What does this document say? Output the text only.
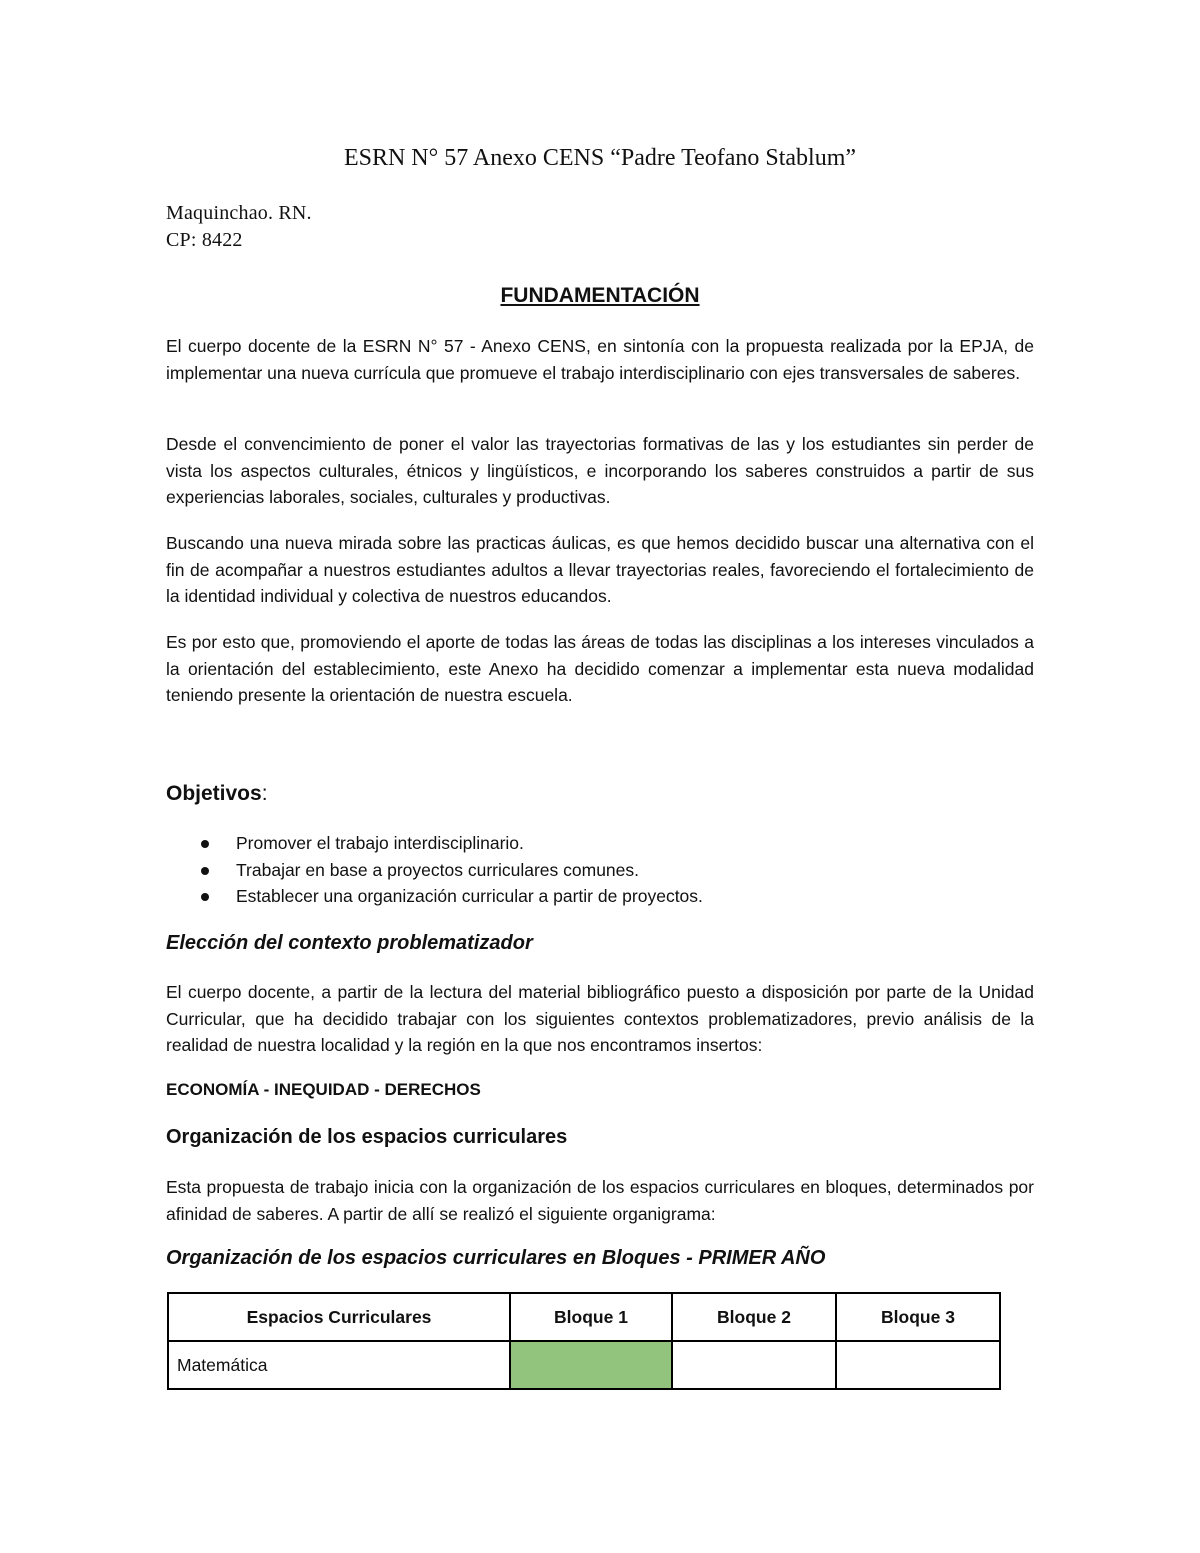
ESRN N° 57 Anexo CENS “Padre Teofano Stablum”
Maquinchao. RN.
CP: 8422
FUNDAMENTACIÓN

El cuerpo docente de la ESRN N° 57 - Anexo CENS, en sintonía con la propuesta realizada por la EPJA, de implementar una nueva currícula que promueve el trabajo interdisciplinario con ejes transversales de saberes.

Desde el convencimiento de poner el valor las trayectorias formativas de las y los estudiantes sin perder de vista los aspectos culturales, étnicos y lingüísticos, e incorporando los saberes construidos a partir de sus experiencias laborales, sociales, culturales y productivas.

Buscando una nueva mirada sobre las practicas áulicas, es que hemos decidido buscar una alternativa con el fin de acompañar a nuestros estudiantes adultos a llevar trayectorias reales, favoreciendo el fortalecimiento de la identidad individual y colectiva de nuestros educandos.

Es por esto que, promoviendo el aporte de todas las áreas de todas las disciplinas a los intereses vinculados a la orientación del establecimiento, este Anexo ha decidido comenzar a implementar esta nueva modalidad teniendo presente la orientación de nuestra escuela.

Objetivos:
Promover el trabajo interdisciplinario.
Trabajar en base a proyectos curriculares comunes.
Establecer una organización curricular a partir de proyectos.
Elección del contexto problematizador

El cuerpo docente, a partir de la lectura del material bibliográfico puesto a disposición por parte de la Unidad Curricular, que ha decidido trabajar con los siguientes contextos problematizadores, previo análisis de la realidad de nuestra localidad y la región en la que nos encontramos insertos:

ECONOMÍA - INEQUIDAD - DERECHOS
Organización de los espacios curriculares

Esta propuesta de trabajo inicia con la organización de los espacios curriculares en bloques, determinados por afinidad de saberes. A partir de allí se realizó el siguiente organigrama:

Organización de los espacios curriculares en Bloques - PRIMER AÑO
Espacios Curriculares	Bloque 1	Bloque 2	Bloque 3
Matemática			
